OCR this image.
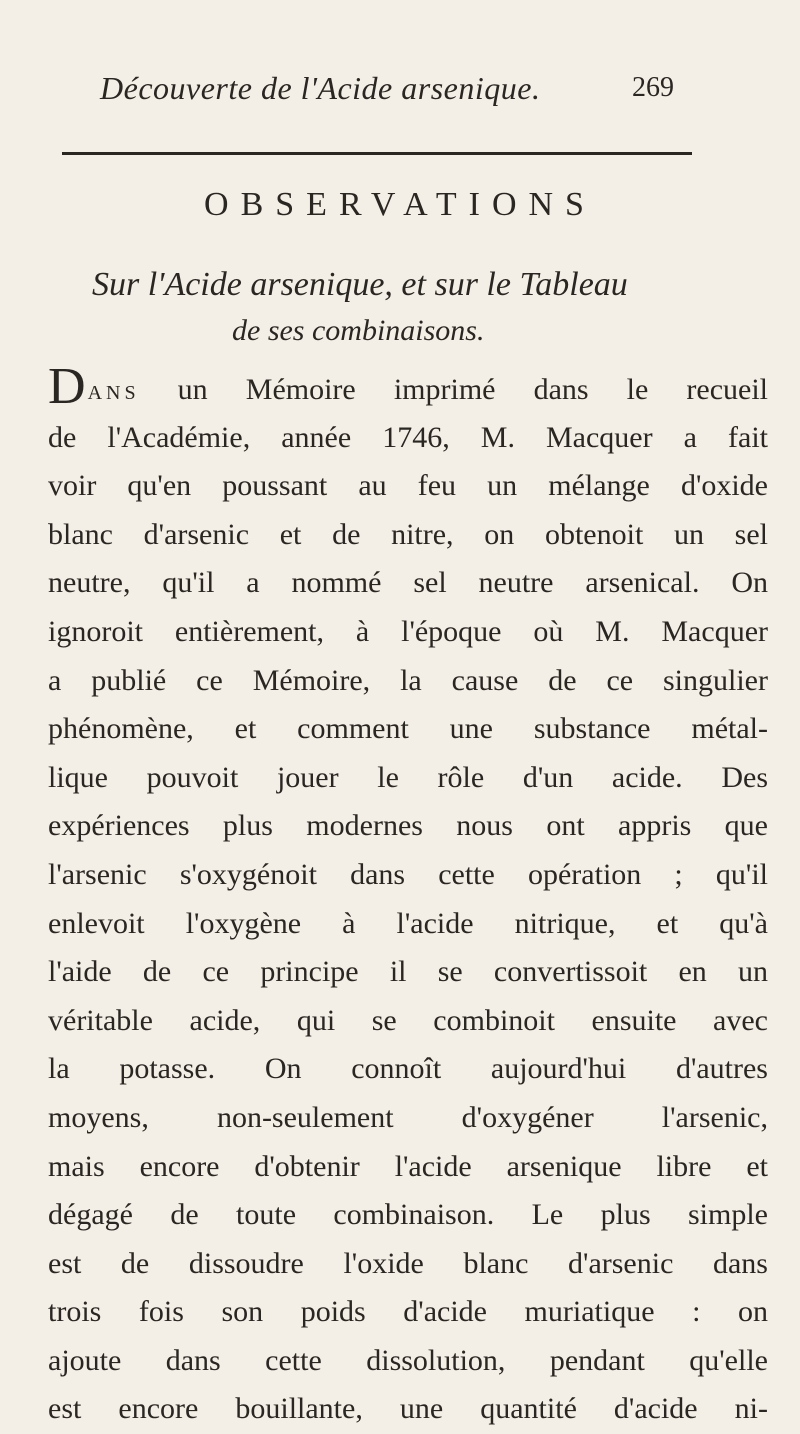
Découverte de l'Acide arsenique.	269
OBSERVATIONS
Sur l'Acide arsenique, et sur le Tableau
de ses combinaisons.
DANS un Mémoire imprimé dans le recueil
de l'Académie, année 1746, M. Macquer a fait
voir qu'en poussant au feu un mélange d'oxide
blanc d'arsenic et de nitre, on obtenoit un sel
neutre, qu'il a nommé sel neutre arsenical. On
ignoroit entièrement, à l'époque où M. Macquer
a publié ce Mémoire, la cause de ce singulier
phénomène, et comment une substance métal-
lique pouvoit jouer le rôle d'un acide. Des
expériences plus modernes nous ont appris que
l'arsenic s'oxygénoit dans cette opération ; qu'il
enlevoit l'oxygène à l'acide nitrique, et qu'à
l'aide de ce principe il se convertissoit en un
véritable acide, qui se combinoit ensuite avec
la potasse. On connoît aujourd'hui d'autres
moyens, non-seulement d'oxygéner l'arsenic,
mais encore d'obtenir l'acide arsenique libre et
dégagé de toute combinaison. Le plus simple
est de dissoudre l'oxide blanc d'arsenic dans
trois fois son poids d'acide muriatique : on
ajoute dans cette dissolution, pendant qu'elle
est encore bouillante, une quantité d'acide ni-
